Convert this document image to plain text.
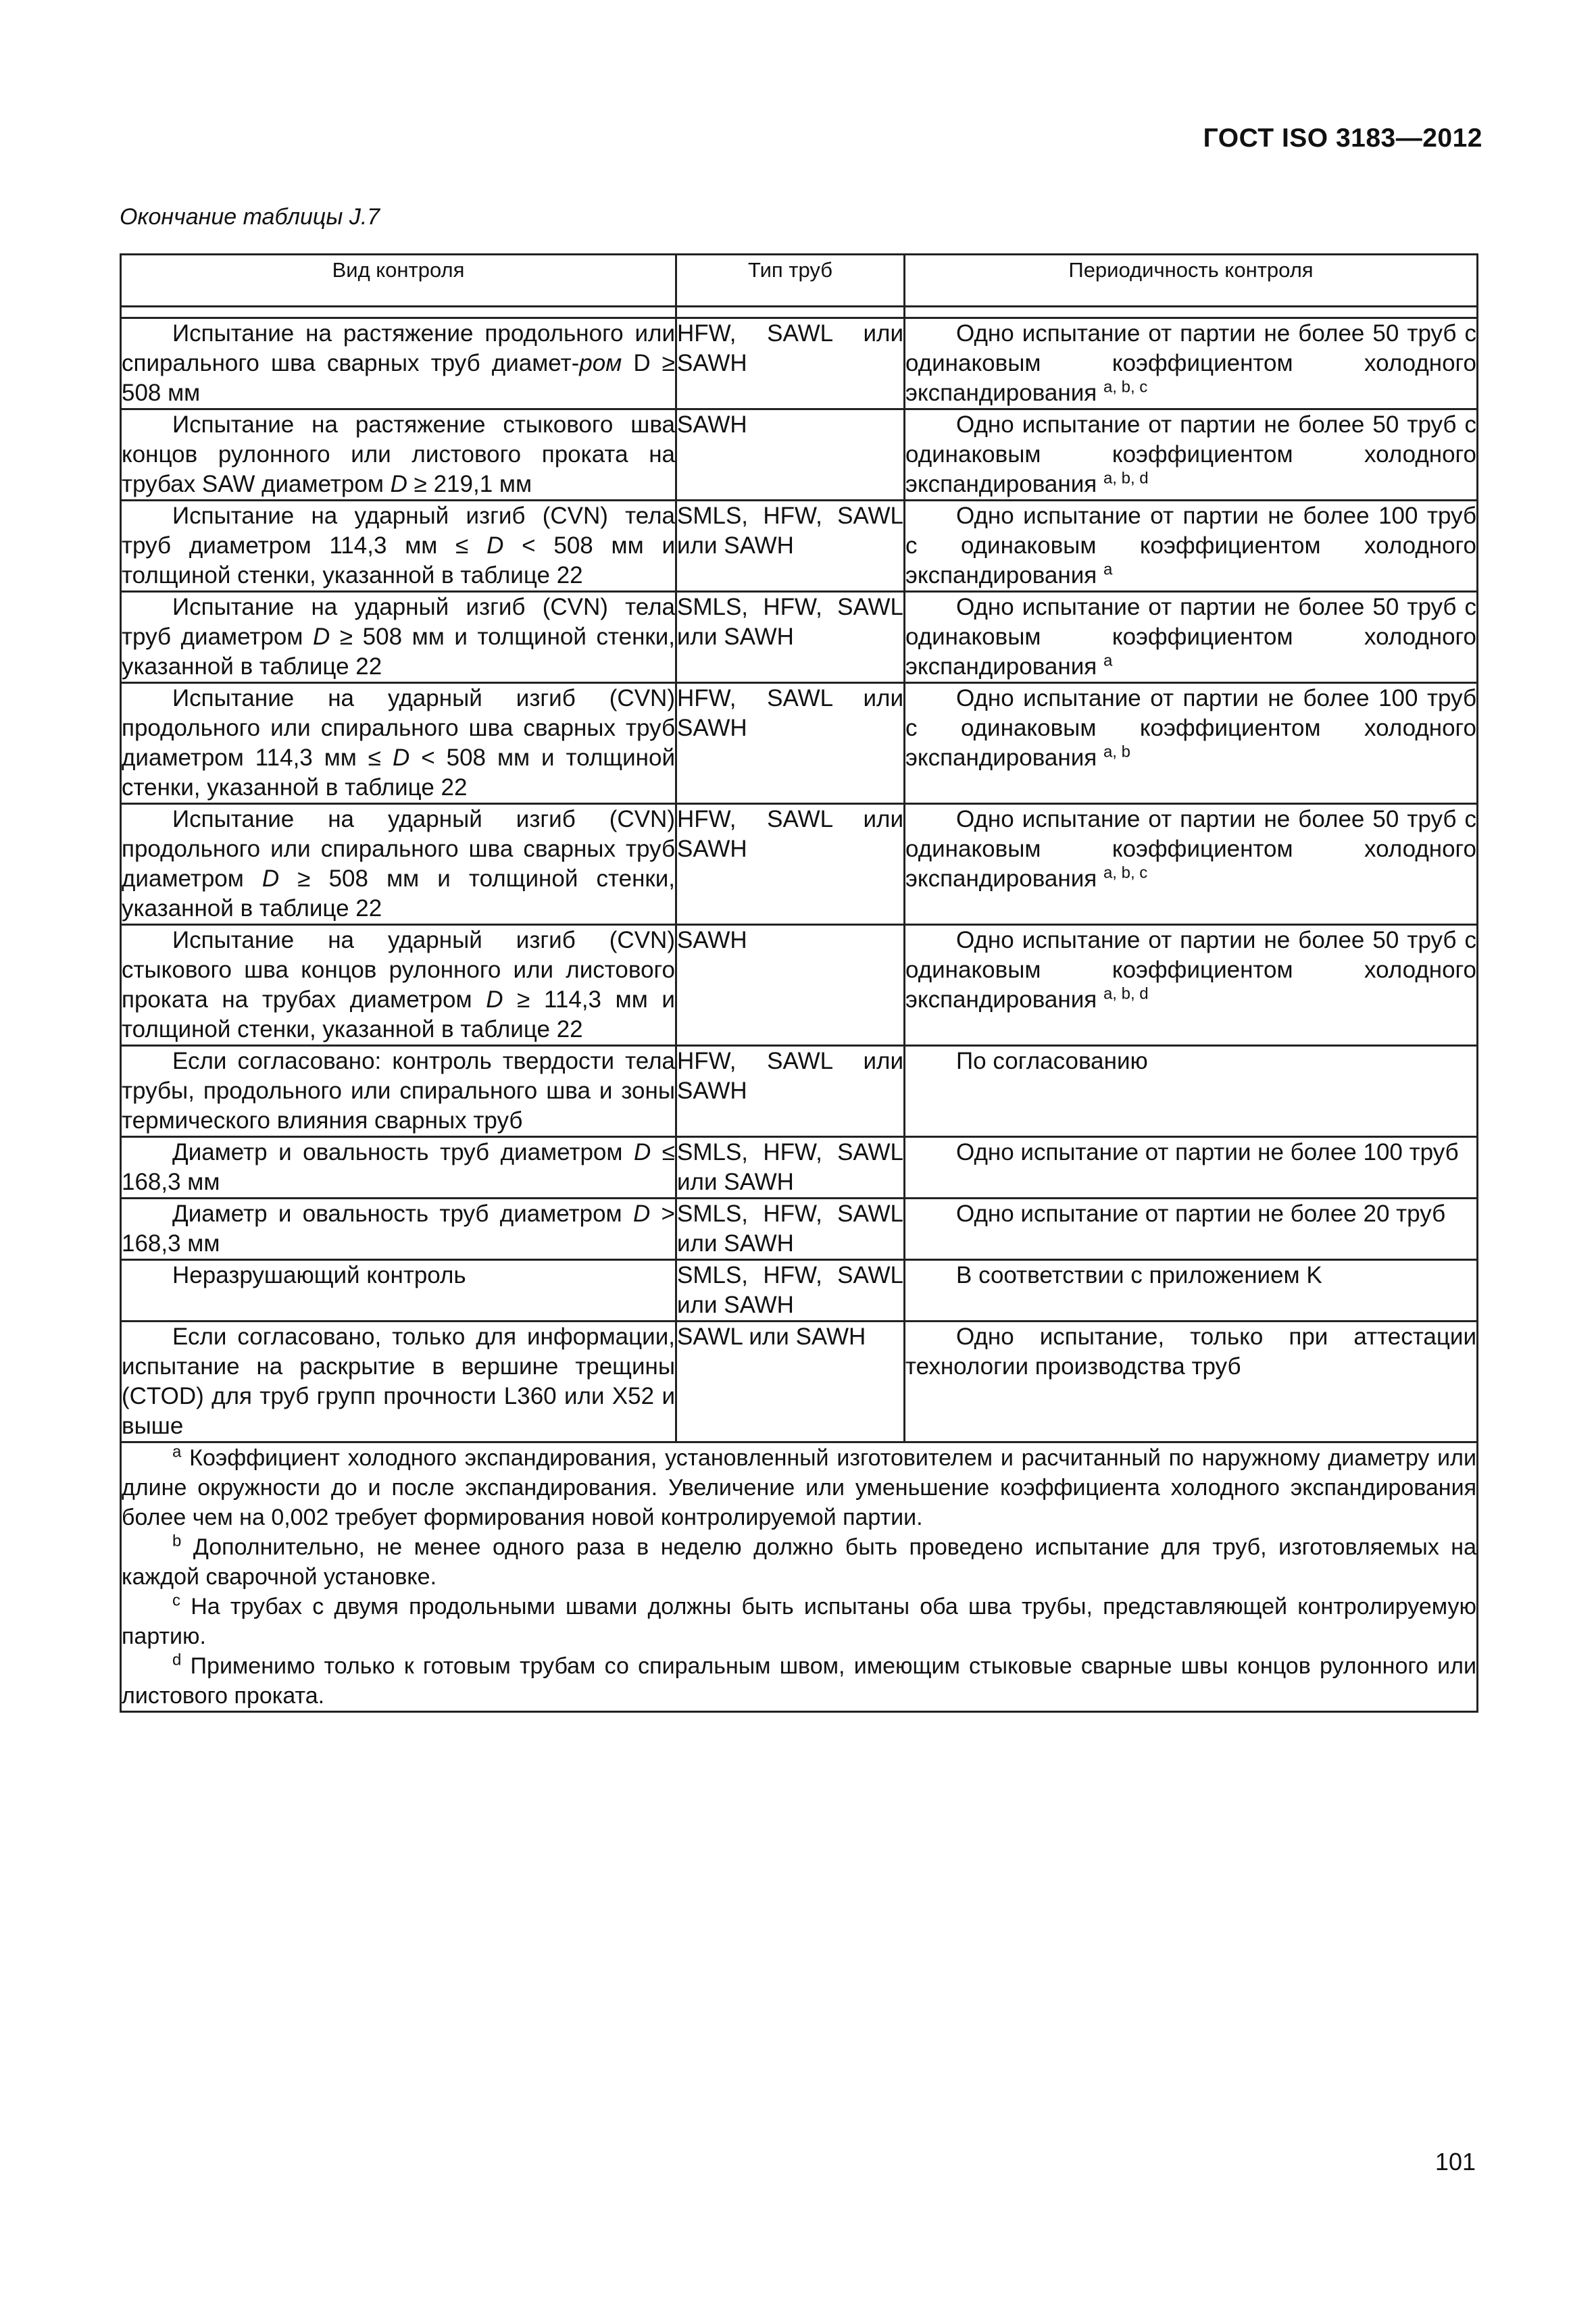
ГОСТ ISO 3183—2012
Окончание таблицы J.7
Вид контроля	Тип труб	Периодичность контроля

Испытание на растяжение продольного или спирального шва сварных труб диамет-ром D ≥ 508 мм	HFW, SAWL или SAWH	Одно испытание от партии не более 50 труб с одинаковым коэффициентом холодного экспандирования $^{a, b, c}$
Испытание на растяжение стыкового шва концов рулонного или листового проката на трубах SAW диаметром D ≥ 219,1 мм	SAWH	Одно испытание от партии не более 50 труб с одинаковым коэффициентом холодного экспандирования $^{a, b, d}$
Испытание на ударный изгиб (CVN) тела труб диаметром 114,3 мм ≤ D < 508 мм и толщиной стенки, указанной в таблице 22	SMLS, HFW, SAWL или SAWH	Одно испытание от партии не более 100 труб с одинаковым коэффициентом холодного экспандирования $^a$
Испытание на ударный изгиб (CVN) тела труб диаметром D ≥ 508 мм и толщиной стенки, указанной в таблице 22	SMLS, HFW, SAWL или SAWH	Одно испытание от партии не более 50 труб с одинаковым коэффициентом холодного экспандирования $^a$
Испытание на ударный изгиб (CVN) продольного или спирального шва сварных труб диаметром 114,3 мм ≤ D < 508 мм и толщиной стенки, указанной в таблице 22	HFW, SAWL или SAWH	Одно испытание от партии не более 100 труб с одинаковым коэффициентом холодного экспандирования $^{a, b}$
Испытание на ударный изгиб (CVN) продольного или спирального шва сварных труб диаметром D ≥ 508 мм и толщиной стенки, указанной в таблице 22	HFW, SAWL или SAWH	Одно испытание от партии не более 50 труб с одинаковым коэффициентом холодного экспандирования $^{a, b, c}$
Испытание на ударный изгиб (CVN) стыкового шва концов рулонного или листового проката на трубах диаметром D ≥ 114,3 мм и толщиной стенки, указанной в таблице 22	SAWH	Одно испытание от партии не более 50 труб с одинаковым коэффициентом холодного экспандирования $^{a, b, d}$
Если согласовано: контроль твердости тела трубы, продольного или спирального шва и зоны термического влияния сварных труб	HFW, SAWL или SAWH	По согласованию
Диаметр и овальность труб диаметром D ≤ 168,3 мм	SMLS, HFW, SAWL или SAWH	Одно испытание от партии не более 100 труб
Диаметр и овальность труб диаметром D > 168,3 мм	SMLS, HFW, SAWL или SAWH	Одно испытание от партии не более 20 труб
Неразрушающий контроль	SMLS, HFW, SAWL или SAWH	В соответствии с приложением K
Если согласовано, только для информации, испытание на раскрытие в вершине трещины (CTOD) для труб групп прочности L360 или X52 и выше	SAWL или SAWH	Одно испытание, только при аттестации технологии производства труб

$^a$ Коэффициент холодного экспандирования, установленный изготовителем и расчитанный по наружному диаметру или длине окружности до и после экспандирования. Увеличение или уменьшение коэффициента холодного экспандирования более чем на 0,002 требует формирования новой контролируемой партии.

$^b$ Дополнительно, не менее одного раза в неделю должно быть проведено испытание для труб, изготовляемых на каждой сварочной установке.

$^c$ На трубах с двумя продольными швами должны быть испытаны оба шва трубы, представляющей контролируемую партию.

$^d$ Применимо только к готовым трубам со спиральным швом, имеющим стыковые сварные швы концов рулонного или листового проката.		

101
